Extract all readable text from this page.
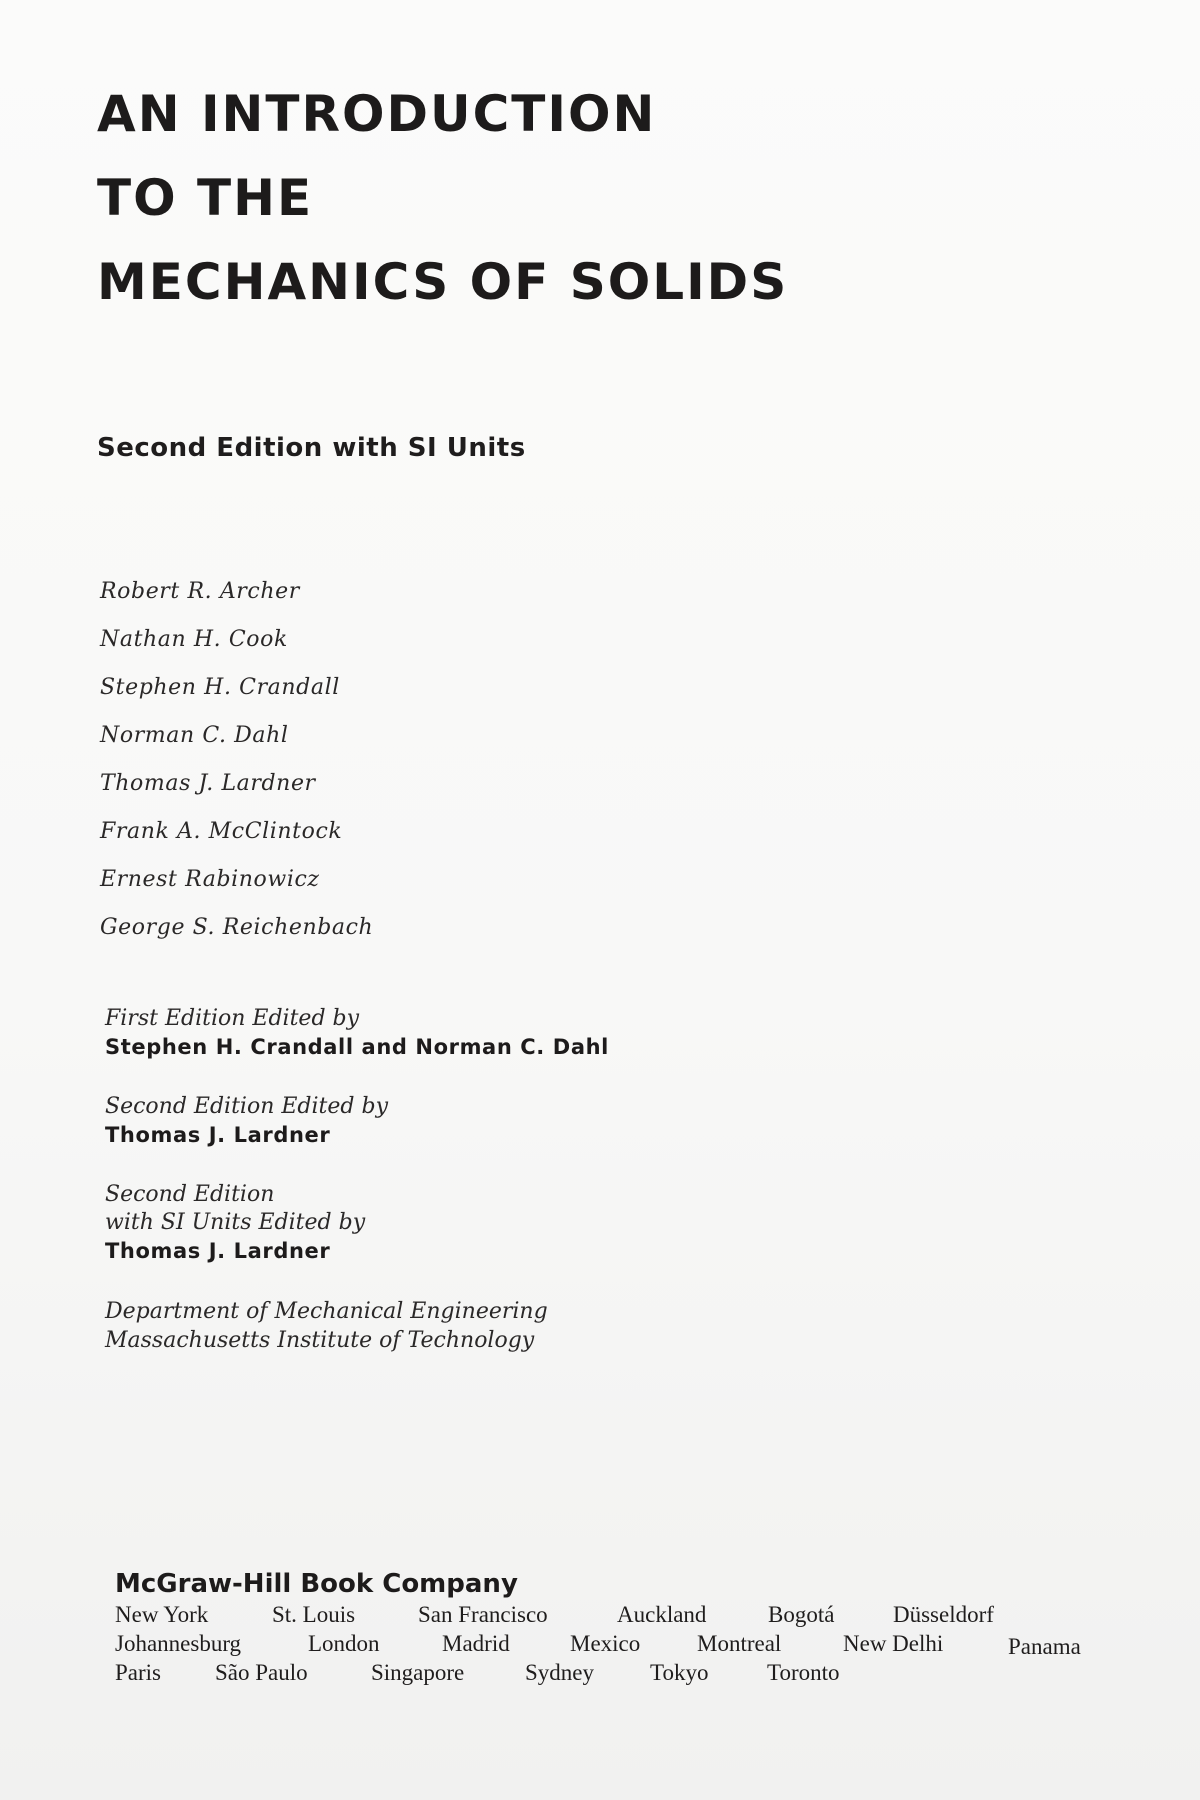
AN INTRODUCTION
TO THE
MECHANICS OF SOLIDS
Second Edition with SI Units
Robert R. Archer
Nathan H. Cook
Stephen H. Crandall
Norman C. Dahl
Thomas J. Lardner
Frank A. McClintock
Ernest Rabinowicz
George S. Reichenbach
First Edition Edited by
Stephen H. Crandall and Norman C. Dahl
Second Edition Edited by
Thomas J. Lardner
Second Edition
with SI Units Edited by
Thomas J. Lardner
Department of Mechanical Engineering
Massachusetts Institute of Technology
McGraw-Hill Book Company
New York	St. Louis	San Francisco	Auckland	Bogotá	Düsseldorf
Johannesburg	London	Madrid	Mexico Montreal	New Delhi	Panama
Paris São Paulo	Singapore	Sydney Tokyo	Toronto
